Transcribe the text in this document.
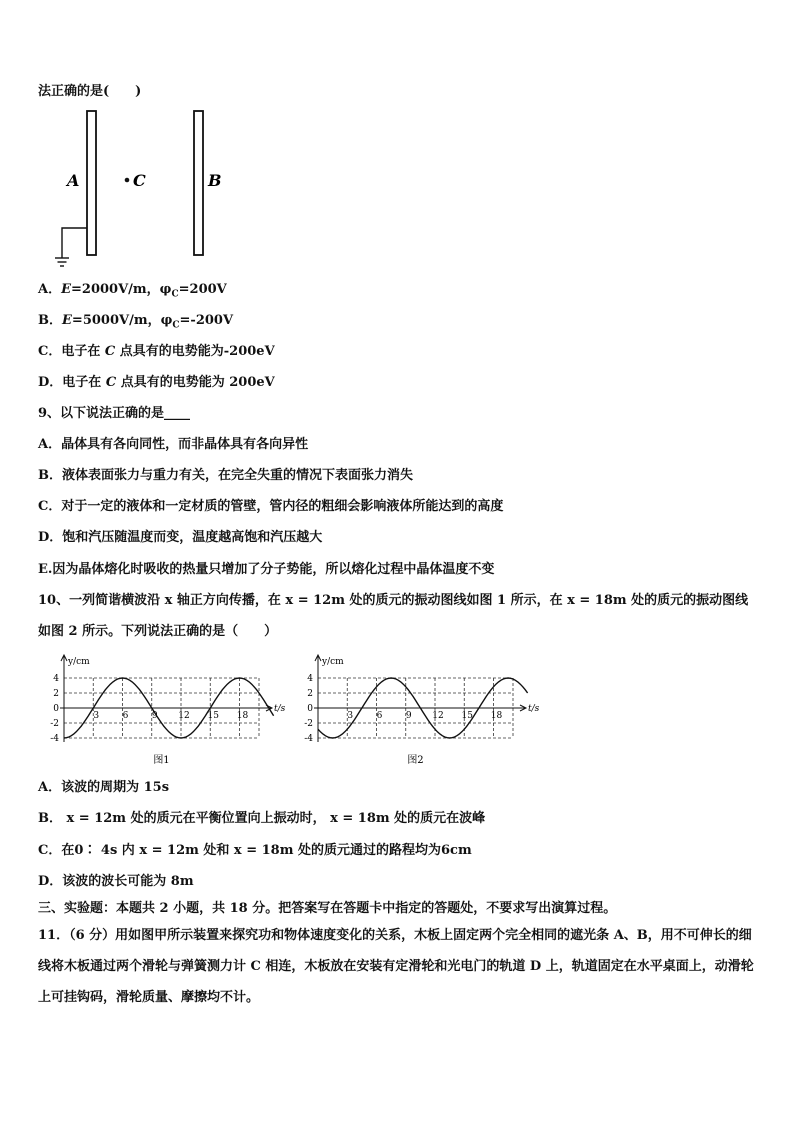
法正确的是(　　)
A	C	B
A．E=2000V/m，$\varphi_C=200V$
B．E=5000V/m，$\varphi_C=-200V$
C．电子在 C 点具有的电势能为-200eV
D．电子在 C 点具有的电势能为 200eV
9、以下说法正确的是____
A．晶体具有各向同性，而非晶体具有各向异性
B．液体表面张力与重力有关，在完全失重的情况下表面张力消失
C．对于一定的液体和一定材质的管壁，管内径的粗细会影响液体所能达到的高度
D．饱和汽压随温度而变，温度越高饱和汽压越大
E.因为晶体熔化时吸收的热量只增加了分子势能，所以熔化过程中晶体温度不变
10、一列简谐横波沿 x 轴正方向传播，在 x = 12m 处的质元的振动图线如图 1 所示，在 x = 18m 处的质元的振动图线
如图 2 所示。下列说法正确的是（　　）
y/cm
t/s
4
2
0
-2
-4
3	6	9 12 15 18
图1
y/cm
t/s
4
2
0
-2
-4
3	6	9 12 15 18
图2
A．该波的周期为 15s
B． x = 12m 处的质元在平衡位置向上振动时， x = 18m 处的质元在波峰
C．在0∶ 4s 内 x = 12m 处和 x = 18m 处的质元通过的路程均为6cm
D．该波的波长可能为 8m
三、实验题：本题共 2 小题，共 18 分。把答案写在答题卡中指定的答题处，不要求写出演算过程。
11．（6 分）用如图甲所示装置来探究功和物体速度变化的关系，木板上固定两个完全相同的遮光条 A、B，用不可伸长的细线将木板通过两个滑轮与弹簧测力计 C 相连，木板放在安装有定滑轮和光电门的轨道 D 上，轨道固定在水平桌面上，动滑轮上可挂钩码，滑轮质量、摩擦均不计。
